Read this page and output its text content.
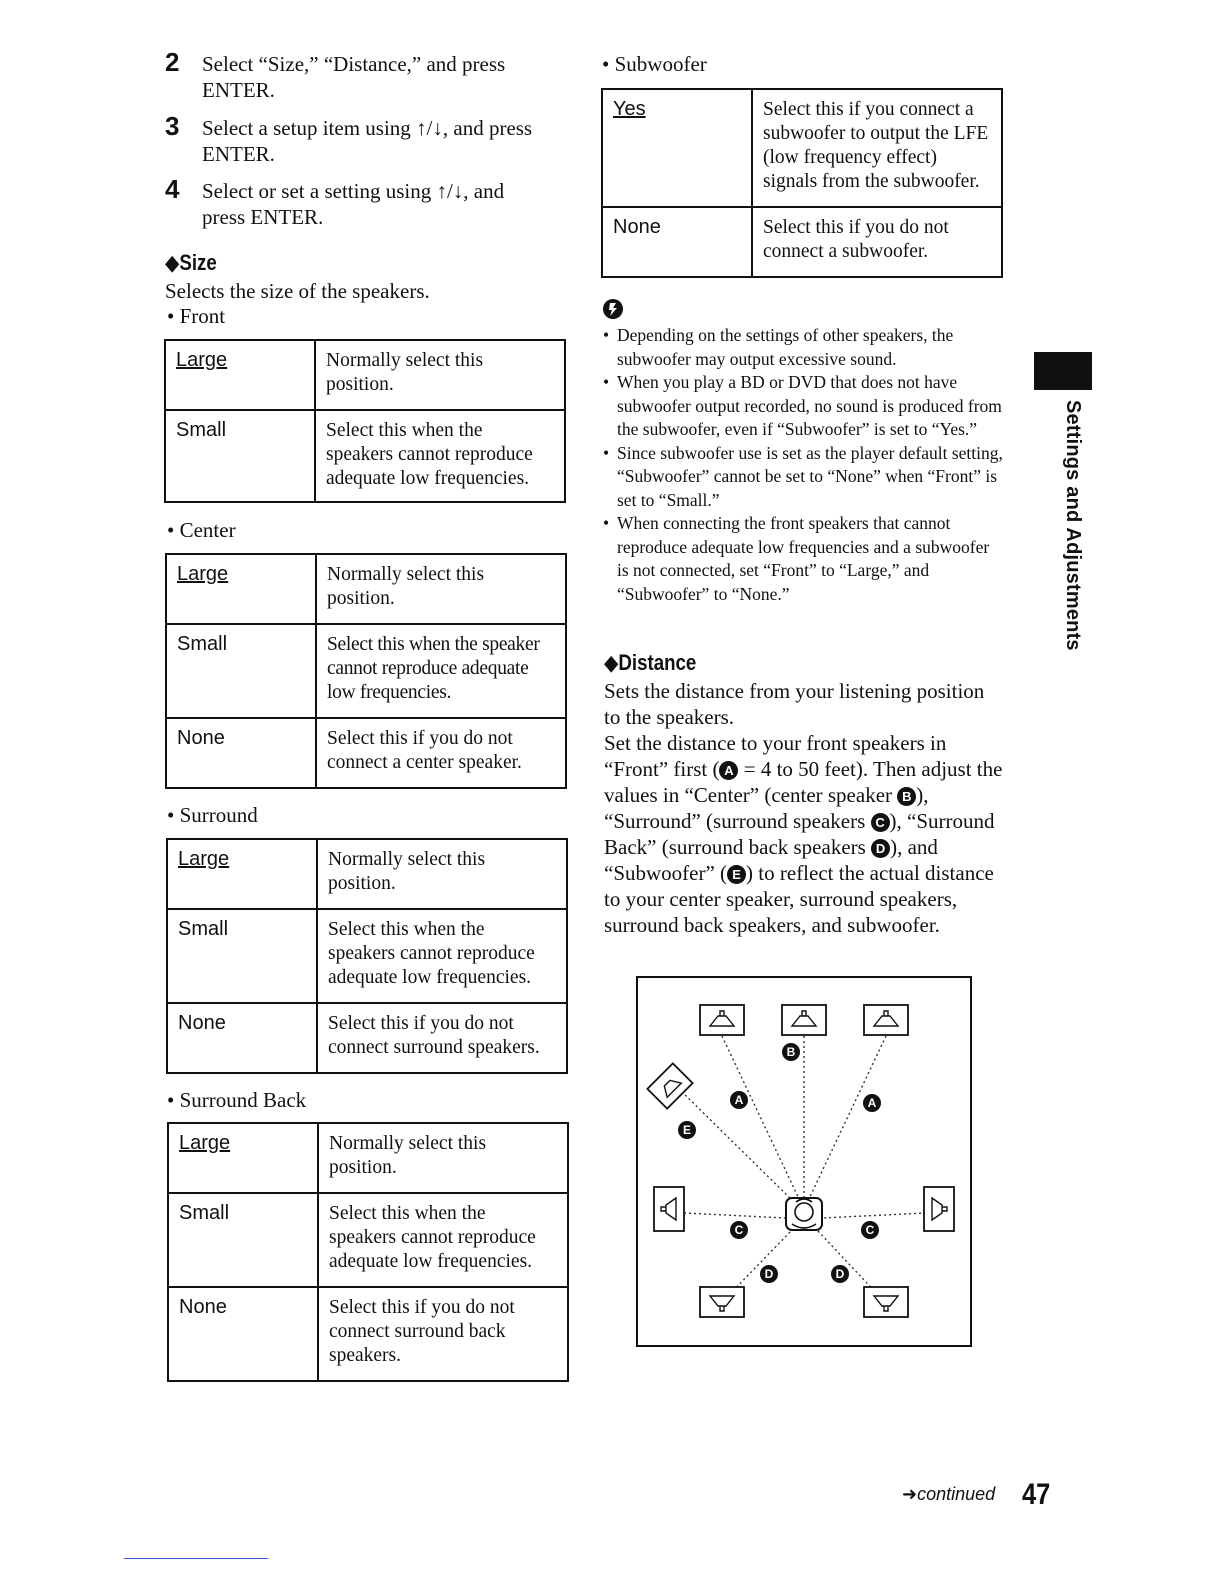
2 Select “Size,” “Distance,” and press ENTER.
3 Select a setup item using ↑/↓, and press ENTER.
4 Select or set a setting using ↑/↓, and press ENTER.
◆Size
Selects the size of the speakers.
• Front
Large	Normally select this position.
Small	Select this when the speakers cannot reproduce adequate low frequencies.
• Center
Large	Normally select this position.
Small	Select this when the speaker cannot reproduce adequate low frequencies.
None	Select this if you do not connect a center speaker.
• Surround
Large	Normally select this position.
Small	Select this when the speakers cannot reproduce adequate low frequencies.
None	Select this if you do not connect surround speakers.
• Surround Back
Large	Normally select this position.
Small	Select this when the speakers cannot reproduce adequate low frequencies.
None	Select this if you do not connect surround back speakers.
• Subwoofer
Yes	Select this if you connect a subwoofer to output the LFE (low frequency effect) signals from the subwoofer.
None	Select this if you do not connect a subwoofer.
• Depending on the settings of other speakers, the subwoofer may output excessive sound.
• When you play a BD or DVD that does not have subwoofer output recorded, no sound is produced from the subwoofer, even if “Subwoofer” is set to “Yes.”
• Since subwoofer use is set as the player default setting, “Subwoofer” cannot be set to “None” when “Front” is set to “Small.”
• When connecting the front speakers that cannot reproduce adequate low frequencies and a subwoofer is not connected, set “Front” to “Large,” and “Subwoofer” to “None.”
◆Distance
Sets the distance from your listening position to the speakers.
Set the distance to your front speakers in “Front” first ( A = 4 to 50 feet). Then adjust the values in “Center” (center speaker B ), “Surround” (surround speakers C ), “Surround Back” (surround back speakers D ), and “Subwoofer” ( E ) to reflect the actual distance to your center speaker, surround speakers, surround back speakers, and subwoofer.
B
A	A
E
C	C
D	D
Settings and Adjustments
➜continued 47
